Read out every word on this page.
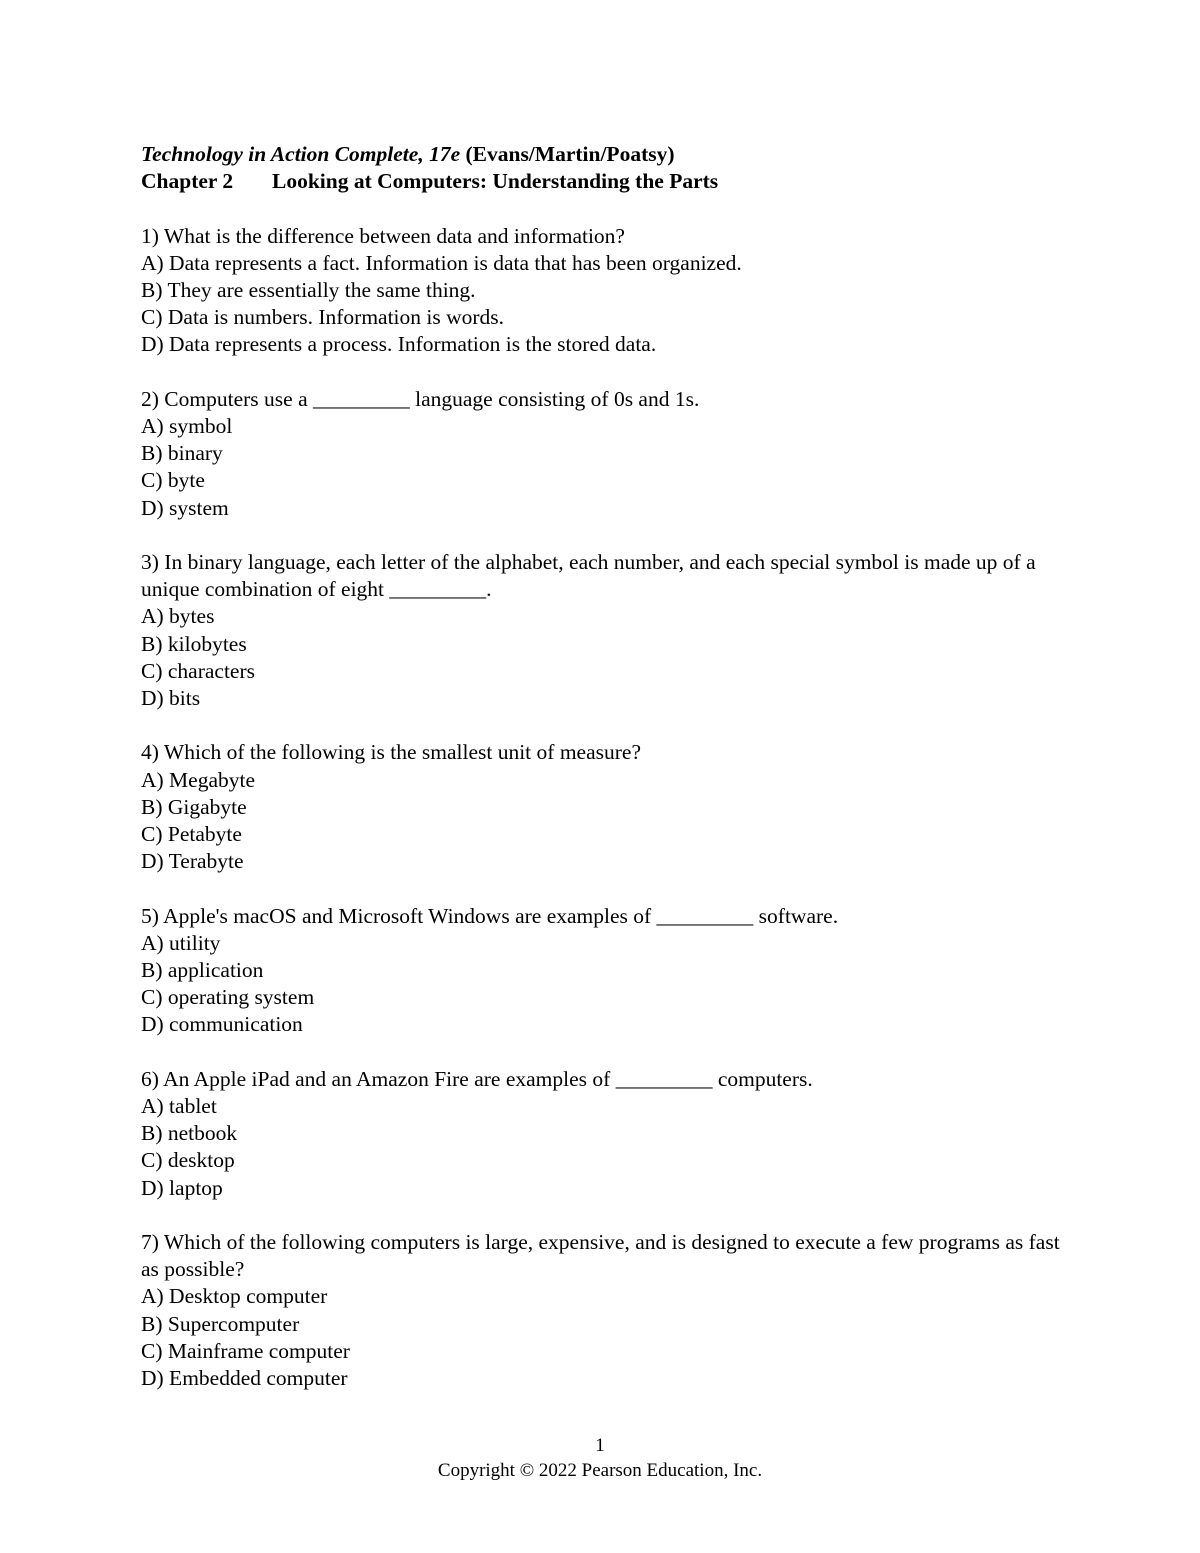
Technology in Action Complete, 17e (Evans/Martin/Poatsy)
Chapter 2 Looking at Computers: Understanding the Parts
1) What is the difference between data and information?
A) Data represents a fact. Information is data that has been organized.
B) They are essentially the same thing.
C) Data is numbers. Information is words.
D) Data represents a process. Information is the stored data.
2) Computers use a _________ language consisting of 0s and 1s.
A) symbol
B) binary
C) byte
D) system
3) In binary language, each letter of the alphabet, each number, and each special symbol is made up of a unique combination of eight _________.
A) bytes
B) kilobytes
C) characters
D) bits
4) Which of the following is the smallest unit of measure?
A) Megabyte
B) Gigabyte
C) Petabyte
D) Terabyte
5) Apple's macOS and Microsoft Windows are examples of _________ software.
A) utility
B) application
C) operating system
D) communication
6) An Apple iPad and an Amazon Fire are examples of _________ computers.
A) tablet
B) netbook
C) desktop
D) laptop
7) Which of the following computers is large, expensive, and is designed to execute a few programs as fast as possible?
A) Desktop computer
B) Supercomputer
C) Mainframe computer
D) Embedded computer
1
Copyright © 2022 Pearson Education, Inc.
